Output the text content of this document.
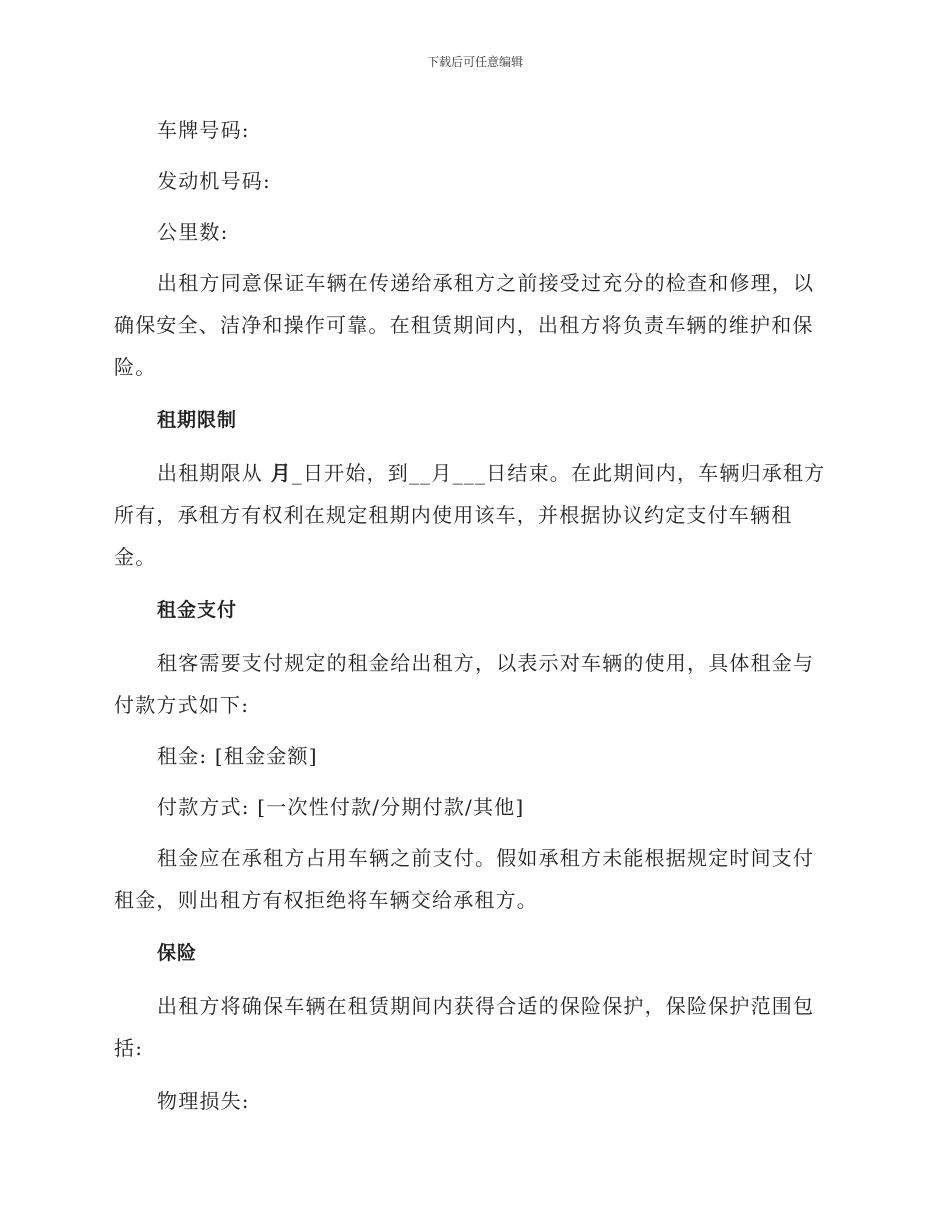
下载后可任意编辑

车牌号码:

发动机号码:

公里数:

出租方同意保证车辆在传递给承租方之前接受过充分的检查和修理，以

确保安全、洁净和操作可靠。在租赁期间内，出租方将负责车辆的维护和保

险。

租期限制

出租期限从 月_日开始，到__月___日结束。在此期间内，车辆归承租方

所有，承租方有权利在规定租期内使用该车，并根据协议约定支付车辆租

金。

租金支付

租客需要支付规定的租金给出租方，以表示对车辆的使用，具体租金与

付款方式如下:

租金: [租金金额]

付款方式: [一次性付款/分期付款/其他]

租金应在承租方占用车辆之前支付。假如承租方未能根据规定时间支付

租金，则出租方有权拒绝将车辆交给承租方。

保险

出租方将确保车辆在租赁期间内获得合适的保险保护，保险保护范围包

括:

物理损失:
